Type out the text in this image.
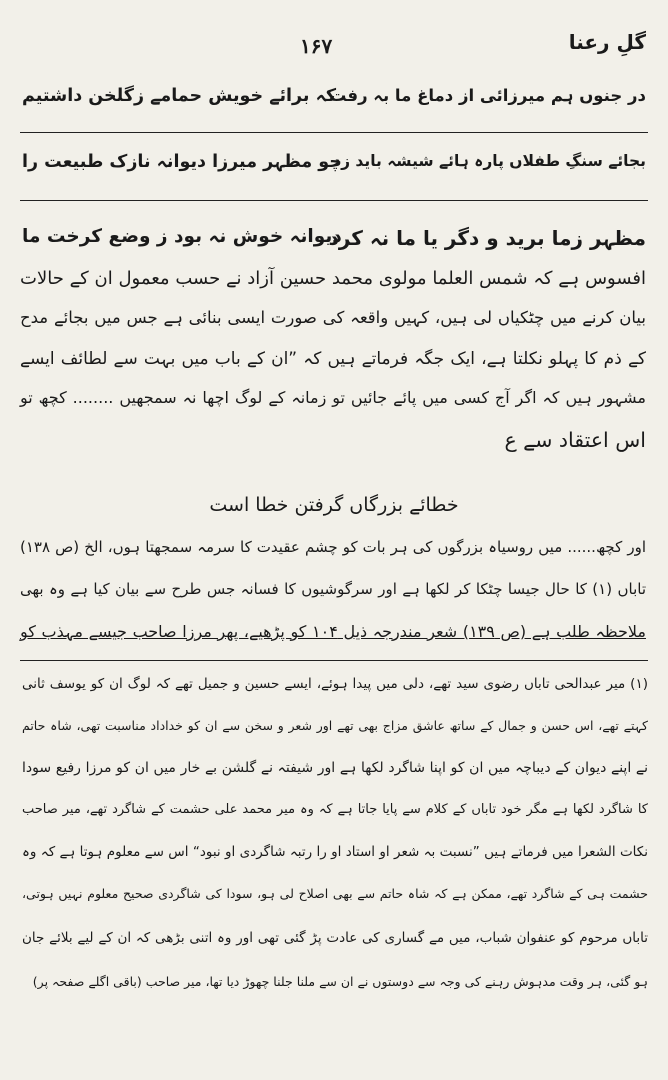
گلِ رعنا
۱۶۷
در جنوں ہم میرزائی از دماغ ما بہ رفت
کہ برائے خویش حمامے زگلخن داشتیم
بجائے سنگِ طفلاں پارہ ہائے شیشہ باید زد
چو مظہر میرزا دیوانہ نازک طبیعت را
مظہر زما برید و دگر یا ما نہ کرد
دیوانہ خوش نہ بود ز وضع کرخت ما
افسوس ہے کہ شمس العلما مولوی محمد حسین آزاد نے حسب معمول ان کے حالات
بیان کرنے میں چٹکیاں لی ہیں، کہیں واقعہ کی صورت ایسی بنائی ہے جس میں بجائے مدح
کے ذم کا پہلو نکلتا ہے، ایک جگہ فرماتے ہیں کہ ”ان کے باب میں بہت سے لطائف ایسے
مشہور ہیں کہ اگر آج کسی میں پائے جائیں تو زمانہ کے لوگ اچھا نہ سمجھیں ........ کچھ تو
اس اعتقاد سے ع
خطائے بزرگاں گرفتن خطا است
اور کچھ...... میں روسیاہ بزرگوں کی ہر بات کو چشم عقیدت کا سرمہ سمجھتا ہوں، الخ (ص ۱۳۸)
تاباں (۱) کا حال جیسا چٹکا کر لکھا ہے اور سرگوشیوں کا فسانہ جس طرح سے بیان کیا ہے وہ بھی
ملاحظہ طلب ہے (ص ۱۳۹) شعر مندرجہ ذیل ۱۰۴ کو پڑھیے، پھر مرزا صاحب جیسے مہذب کو
(۱) میر عبدالحی تاباں رضوی سید تھے، دلی میں پیدا ہوئے، ایسے حسین و جمیل تھے کہ لوگ ان کو یوسف ثانی
کہتے تھے، اس حسن و جمال کے ساتھ عاشق مزاج بھی تھے اور شعر و سخن سے ان کو خداداد مناسبت تھی، شاہ حاتم
نے اپنے دیوان کے دیباچہ میں ان کو اپنا شاگرد لکھا ہے اور شیفتہ نے گلشن بے خار میں ان کو مرزا رفیع سودا
کا شاگرد لکھا ہے مگر خود تاباں کے کلام سے پایا جاتا ہے کہ وہ میر محمد علی حشمت کے شاگرد تھے، میر صاحب
نکات الشعرا میں فرماتے ہیں ”نسبت بہ شعر او استاد او را رتبہ شاگردی او نبود“ اس سے معلوم ہوتا ہے کہ وہ
حشمت ہی کے شاگرد تھے، ممکن ہے کہ شاہ حاتم سے بھی اصلاح لی ہو، سودا کی شاگردی صحیح معلوم نہیں ہوتی،
تاباں مرحوم کو عنفوان شباب، میں مے گساری کی عادت پڑ گئی تھی اور وہ اتنی بڑھی کہ ان کے لیے بلائے جان
ہو گئی، ہر وقت مدہوش رہنے کی وجہ سے دوستوں نے ان سے ملنا جلنا چھوڑ دیا تھا، میر صاحب (باقی اگلے صفحہ پر)
